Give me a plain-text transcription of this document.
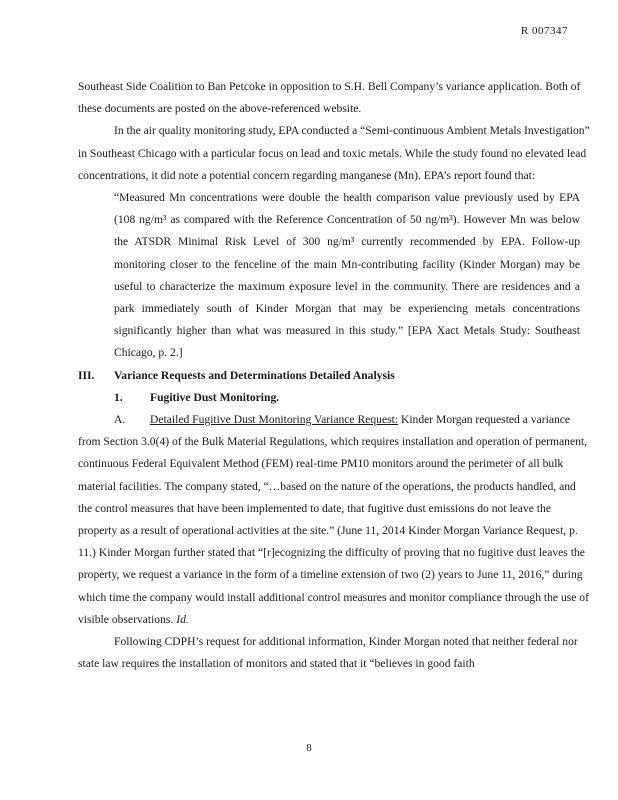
R 007347

Southeast Side Coalition to Ban Petcoke in opposition to S.H. Bell Company’s variance application. Both of these documents are posted on the above-referenced website.

In the air quality monitoring study, EPA conducted a “Semi-continuous Ambient Metals Investigation” in Southeast Chicago with a particular focus on lead and toxic metals. While the study found no elevated lead concentrations, it did note a potential concern regarding manganese (Mn). EPA’s report found that:

“Measured Mn concentrations were double the health comparison value previously used by EPA (108 ng/m³ as compared with the Reference Concentration of 50 ng/m³). However Mn was below the ATSDR Minimal Risk Level of 300 ng/m³ currently recommended by EPA. Follow-up monitoring closer to the fenceline of the main Mn-contributing facility (Kinder Morgan) may be useful to characterize the maximum exposure level in the community. There are residences and a park immediately south of Kinder Morgan that may be experiencing metals concentrations significantly higher than what was measured in this study.” [EPA Xact Metals Study: Southeast Chicago, p. 2.]

III. Variance Requests and Determinations Detailed Analysis

1. Fugitive Dust Monitoring.

A. Detailed Fugitive Dust Monitoring Variance Request: Kinder Morgan requested a variance from Section 3.0(4) of the Bulk Material Regulations, which requires installation and operation of permanent, continuous Federal Equivalent Method (FEM) real-time PM10 monitors around the perimeter of all bulk material facilities. The company stated, “…based on the nature of the operations, the products handled, and the control measures that have been implemented to date, that fugitive dust emissions do not leave the property as a result of operational activities at the site.” (June 11, 2014 Kinder Morgan Variance Request, p. 11.) Kinder Morgan further stated that “[r]ecognizing the difficulty of proving that no fugitive dust leaves the property, we request a variance in the form of a timeline extension of two (2) years to June 11, 2016,” during which time the company would install additional control measures and monitor compliance through the use of visible observations. Id.

Following CDPH’s request for additional information, Kinder Morgan noted that neither federal nor state law requires the installation of monitors and stated that it “believes in good faith

8
